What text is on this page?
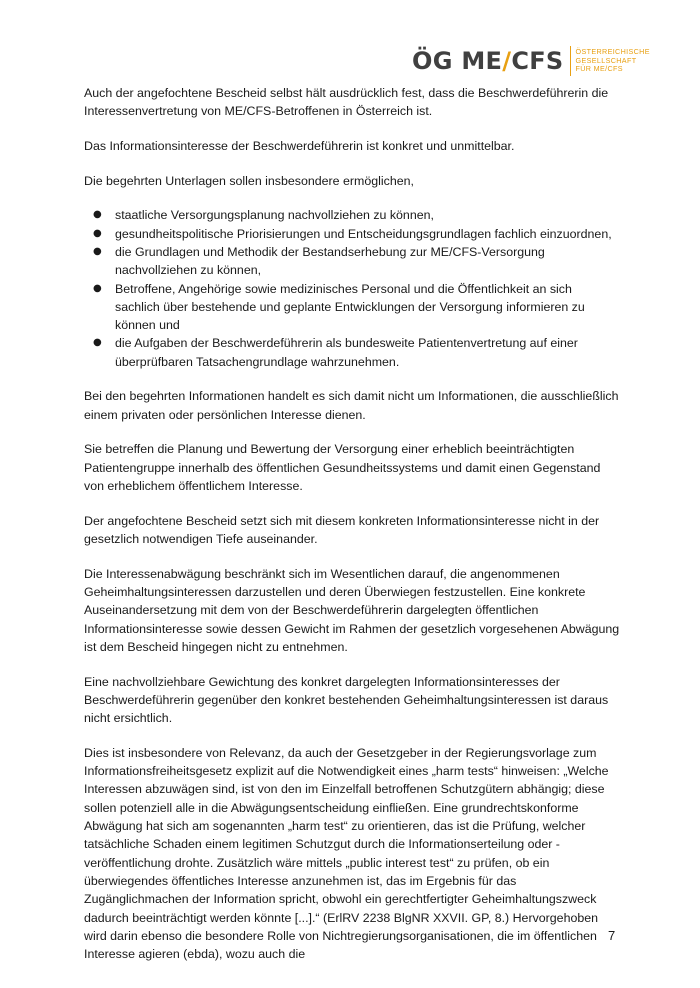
ÖG ME/CFS ÖSTERREICHISCHE
GESELLSCHAFT
FÜR ME/CFS

Auch der angefochtene Bescheid selbst hält ausdrücklich fest, dass die Beschwerdeführerin die Interessenvertretung von ME/CFS-Betroffenen in Österreich ist.

Das Informationsinteresse der Beschwerdeführerin ist konkret und unmittelbar.

Die begehrten Unterlagen sollen insbesondere ermöglichen,

● staatliche Versorgungsplanung nachvollziehen zu können,
● gesundheitspolitische Priorisierungen und Entscheidungsgrundlagen fachlich einzuordnen,
● die Grundlagen und Methodik der Bestandserhebung zur ME/CFS-Versorgung nachvollziehen zu können,
● Betroffene, Angehörige sowie medizinisches Personal und die Öffentlichkeit an sich sachlich über bestehende und geplante Entwicklungen der Versorgung informieren zu können und
● die Aufgaben der Beschwerdeführerin als bundesweite Patientenvertretung auf einer überprüfbaren Tatsachengrundlage wahrzunehmen.

Bei den begehrten Informationen handelt es sich damit nicht um Informationen, die ausschließlich einem privaten oder persönlichen Interesse dienen.

Sie betreffen die Planung und Bewertung der Versorgung einer erheblich beeinträchtigten Patientengruppe innerhalb des öffentlichen Gesundheitssystems und damit einen Gegenstand von erheblichem öffentlichem Interesse.

Der angefochtene Bescheid setzt sich mit diesem konkreten Informationsinteresse nicht in der gesetzlich notwendigen Tiefe auseinander.

Die Interessenabwägung beschränkt sich im Wesentlichen darauf, die angenommenen Geheimhaltungsinteressen darzustellen und deren Überwiegen festzustellen. Eine konkrete Auseinandersetzung mit dem von der Beschwerdeführerin dargelegten öffentlichen Informationsinteresse sowie dessen Gewicht im Rahmen der gesetzlich vorgesehenen Abwägung ist dem Bescheid hingegen nicht zu entnehmen.

Eine nachvollziehbare Gewichtung des konkret dargelegten Informationsinteresses der Beschwerdeführerin gegenüber den konkret bestehenden Geheimhaltungsinteressen ist daraus nicht ersichtlich.

Dies ist insbesondere von Relevanz, da auch der Gesetzgeber in der Regierungsvorlage zum Informationsfreiheitsgesetz explizit auf die Notwendigkeit eines „harm tests“ hinweisen: „Welche Interessen abzuwägen sind, ist von den im Einzelfall betroffenen Schutzgütern abhängig; diese sollen potenziell alle in die Abwägungsentscheidung einfließen. Eine grundrechtskonforme Abwägung hat sich am sogenannten „harm test“ zu orientieren, das ist die Prüfung, welcher tatsächliche Schaden einem legitimen Schutzgut durch die Informationserteilung oder -veröffentlichung drohte. Zusätzlich wäre mittels „public interest test“ zu prüfen, ob ein überwiegendes öffentliches Interesse anzunehmen ist, das im Ergebnis für das Zugänglichmachen der Information spricht, obwohl ein gerechtfertigter Geheimhaltungszweck dadurch beeinträchtigt werden könnte [...].“ (ErlRV 2238 BlgNR XXVII. GP, 8.) Hervorgehoben wird darin ebenso die besondere Rolle von Nichtregierungsorganisationen, die im öffentlichen Interesse agieren (ebda), wozu auch die

7
